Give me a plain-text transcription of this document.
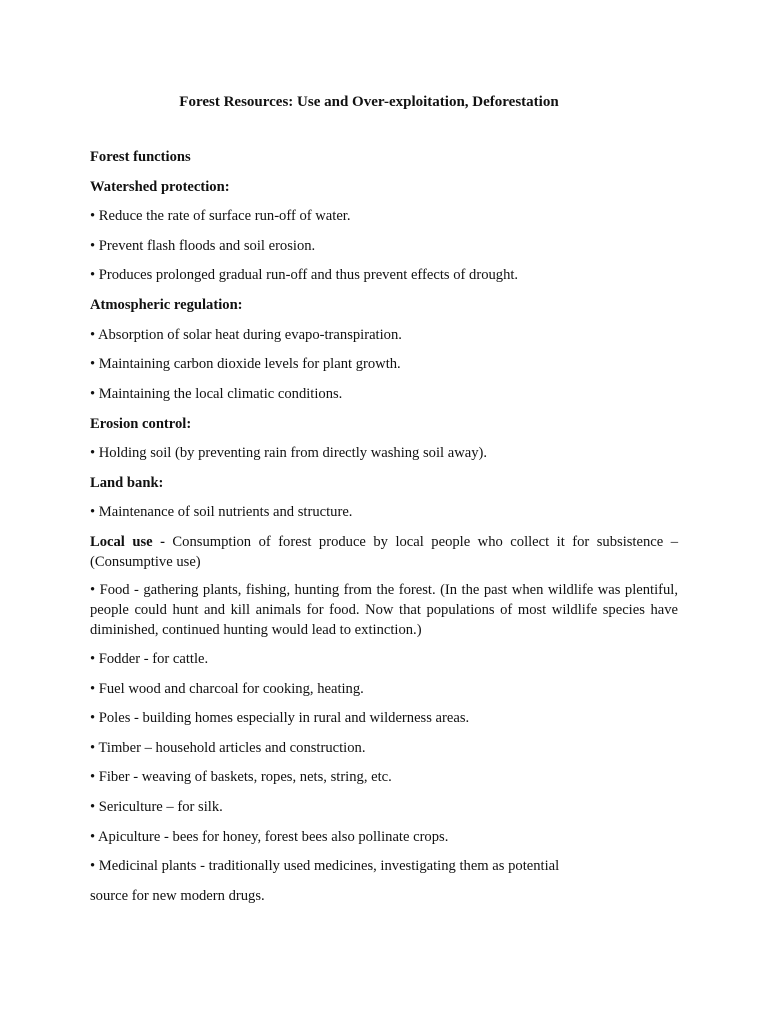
Forest Resources: Use and Over-exploitation, Deforestation

Forest functions

Watershed protection:

• Reduce the rate of surface run-off of water.

• Prevent flash floods and soil erosion.

• Produces prolonged gradual run-off and thus prevent effects of drought.

Atmospheric regulation:

• Absorption of solar heat during evapo-transpiration.

• Maintaining carbon dioxide levels for plant growth.

• Maintaining the local climatic conditions.

Erosion control:

• Holding soil (by preventing rain from directly washing soil away).

Land bank:

• Maintenance of soil nutrients and structure.

Local use - Consumption of forest produce by local people who collect it for subsistence – (Consumptive use)

• Food - gathering plants, fishing, hunting from the forest. (In the past when wildlife was plentiful, people could hunt and kill animals for food. Now that populations of most wildlife species have diminished, continued hunting would lead to extinction.)

• Fodder - for cattle.

• Fuel wood and charcoal for cooking, heating.

• Poles - building homes especially in rural and wilderness areas.

• Timber – household articles and construction.

• Fiber - weaving of baskets, ropes, nets, string, etc.

• Sericulture – for silk.

• Apiculture - bees for honey, forest bees also pollinate crops.

• Medicinal plants - traditionally used medicines, investigating them as potential

source for new modern drugs.
